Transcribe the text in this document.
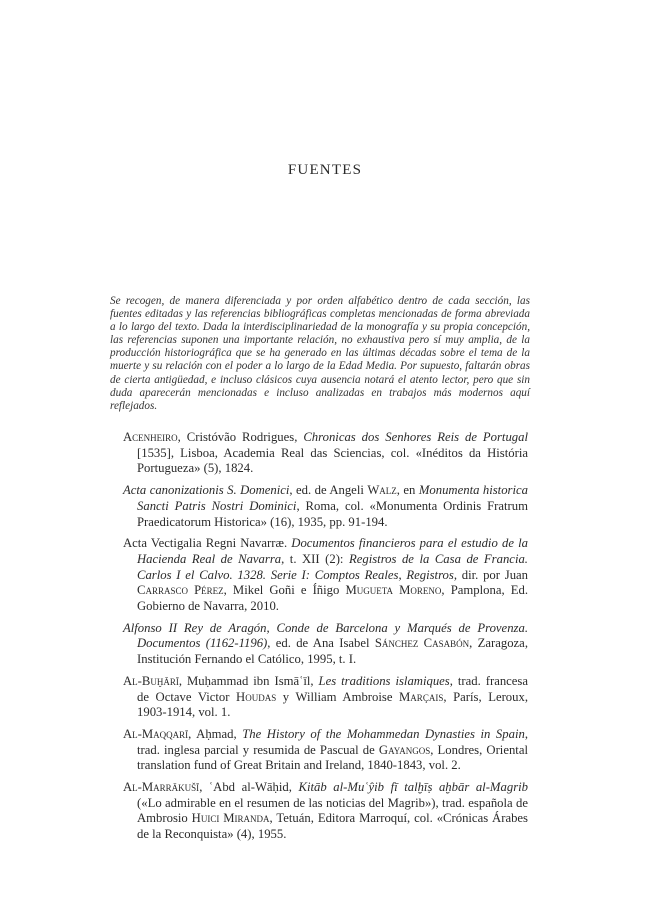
FUENTES

Se recogen, de manera diferenciada y por orden alfabético dentro de cada sección, las fuentes editadas y las referencias bibliográficas completas mencionadas de forma abreviada a lo largo del texto. Dada la interdisciplinariedad de la monografía y su propia concepción, las referencias suponen una importante relación, no exhaustiva pero sí muy amplia, de la producción historiográfica que se ha generado en las últimas décadas sobre el tema de la muerte y su relación con el poder a lo largo de la Edad Media. Por supuesto, faltarán obras de cierta antigüedad, e incluso clásicos cuya ausencia notará el atento lector, pero que sin duda aparecerán mencionadas e incluso analizadas en trabajos más modernos aquí reflejados.

Acenheiro, Cristóvão Rodrigues, Chronicas dos Senhores Reis de Portugal [1535], Lisboa, Academia Real das Sciencias, col. «Inéditos da História Portugueza» (5), 1824.

Acta canonizationis S. Domenici, ed. de Angeli Walz, en Monumenta historica Sancti Patris Nostri Dominici, Roma, col. «Monumenta Ordinis Fratrum Praedicatorum Historica» (16), 1935, pp. 91-194.

Acta Vectigalia Regni Navarræ. Documentos financieros para el estudio de la Hacienda Real de Navarra, t. XII (2): Registros de la Casa de Francia. Carlos I el Calvo. 1328. Serie I: Comptos Reales, Registros, dir. por Juan Carrasco Pérez, Mikel Goñi e Íñigo Mugueta Moreno, Pamplona, Ed. Gobierno de Navarra, 2010.

Alfonso II Rey de Aragón, Conde de Barcelona y Marqués de Provenza. Documentos (1162-1196), ed. de Ana Isabel Sánchez Casabón, Zaragoza, Institución Fernando el Católico, 1995, t. I.

Al-Buḫārī, Muḥammad ibn Ismāʿīl, Les traditions islamiques, trad. francesa de Octave Victor Houdas y William Ambroise Marçais, París, Leroux, 1903-1914, vol. 1.

Al-Maqqarī, Aḥmad, The History of the Mohammedan Dynasties in Spain, trad. inglesa parcial y resumida de Pascual de Gayangos, Londres, Oriental translation fund of Great Britain and Ireland, 1840-1843, vol. 2.

Al-Marrākušī, ʿAbd al-Wāḥid, Kitāb al-Muʿŷib fī talḫīṣ aḫbār al-Magrib («Lo admirable en el resumen de las noticias del Magrib»), trad. española de Ambrosio Huici Miranda, Tetuán, Editora Marroquí, col. «Crónicas Árabes de la Reconquista» (4), 1955.
